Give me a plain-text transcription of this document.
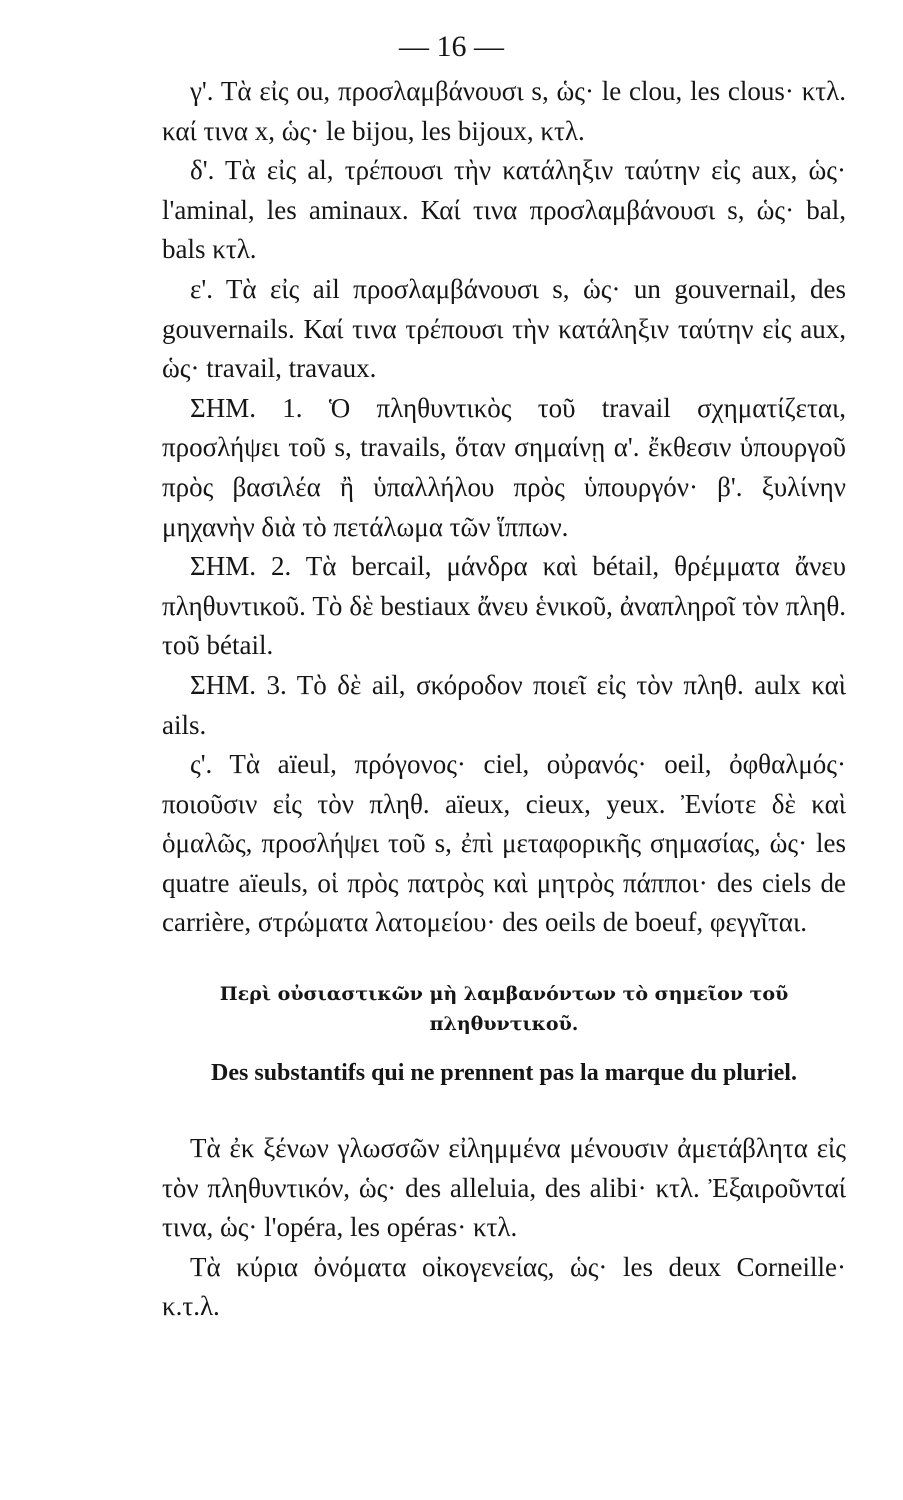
— 16 —

γ'. Τὰ εἰς ou, προσλαμβάνουσι s, ὡς· le clou, les clous· κτλ. καί τινα x, ὡς· le bijou, les bijoux, κτλ.

δ'. Τὰ εἰς al, τρέπουσι τὴν κατάληξιν ταύτην εἰς aux, ὡς· l'aminal, les aminaux. Καί τινα προσλαμβάνουσι s, ὡς· bal, bals κτλ.

ε'. Τὰ εἰς ail προσλαμβάνουσι s, ὡς· un gouvernail, des gouvernails. Καί τινα τρέπουσι τὴν κατάληξιν ταύτην εἰς aux, ὡς· travail, travaux.

ΣΗΜ. 1. Ὁ πληθυντικὸς τοῦ travail σχηματίζεται, προσλήψει τοῦ s, travails, ὅταν σημαίνῃ α'. ἔκθεσιν ὑπουργοῦ πρὸς βασιλέα ἢ ὑπαλλήλου πρὸς ὑπουργόν· β'. ξυλίνην μηχανὴν διὰ τὸ πετάλωμα τῶν ἵππων.

ΣΗΜ. 2. Τὰ bercail, μάνδρα καὶ bétail, θρέμματα ἄνευ πληθυντικοῦ. Τὸ δὲ bestiaux ἄνευ ἑνικοῦ, ἀναπληροῖ τὸν πληθ. τοῦ bétail.

ΣΗΜ. 3. Τὸ δὲ ail, σκόροδον ποιεῖ εἰς τὸν πληθ. aulx καὶ ails.

ς'. Τὰ aïeul, πρόγονος· ciel, οὐρανός· oeil, ὀφθαλμός· ποιοῦσιν εἰς τὸν πληθ. aïeux, cieux, yeux. Ἐνίοτε δὲ καὶ ὁμαλῶς, προσλήψει τοῦ s, ἐπὶ μεταφορικῆς σημασίας, ὡς· les quatre aïeuls, οἱ πρὸς πατρὸς καὶ μητρὸς πάπποι· des ciels de carrière, στρώματα λατομείου· des oeils de boeuf, φεγγῖται.

Περὶ οὐσιαστικῶν μὴ λαμβανόντων τὸ σημεῖον τοῦ πληθυντικοῦ.
Des substantifs qui ne prennent pas la marque du pluriel.

Τὰ ἐκ ξένων γλωσσῶν εἰλημμένα μένουσιν ἀμετάβλητα εἰς τὸν πληθυντικόν, ὡς· des alleluia, des alibi· κτλ. Ἐξαιροῦνταί τινα, ὡς· l'opéra, les opéras· κτλ.

Τὰ κύρια ὀνόματα οἰκογενείας, ὡς· les deux Corneille· κ.τ.λ.
